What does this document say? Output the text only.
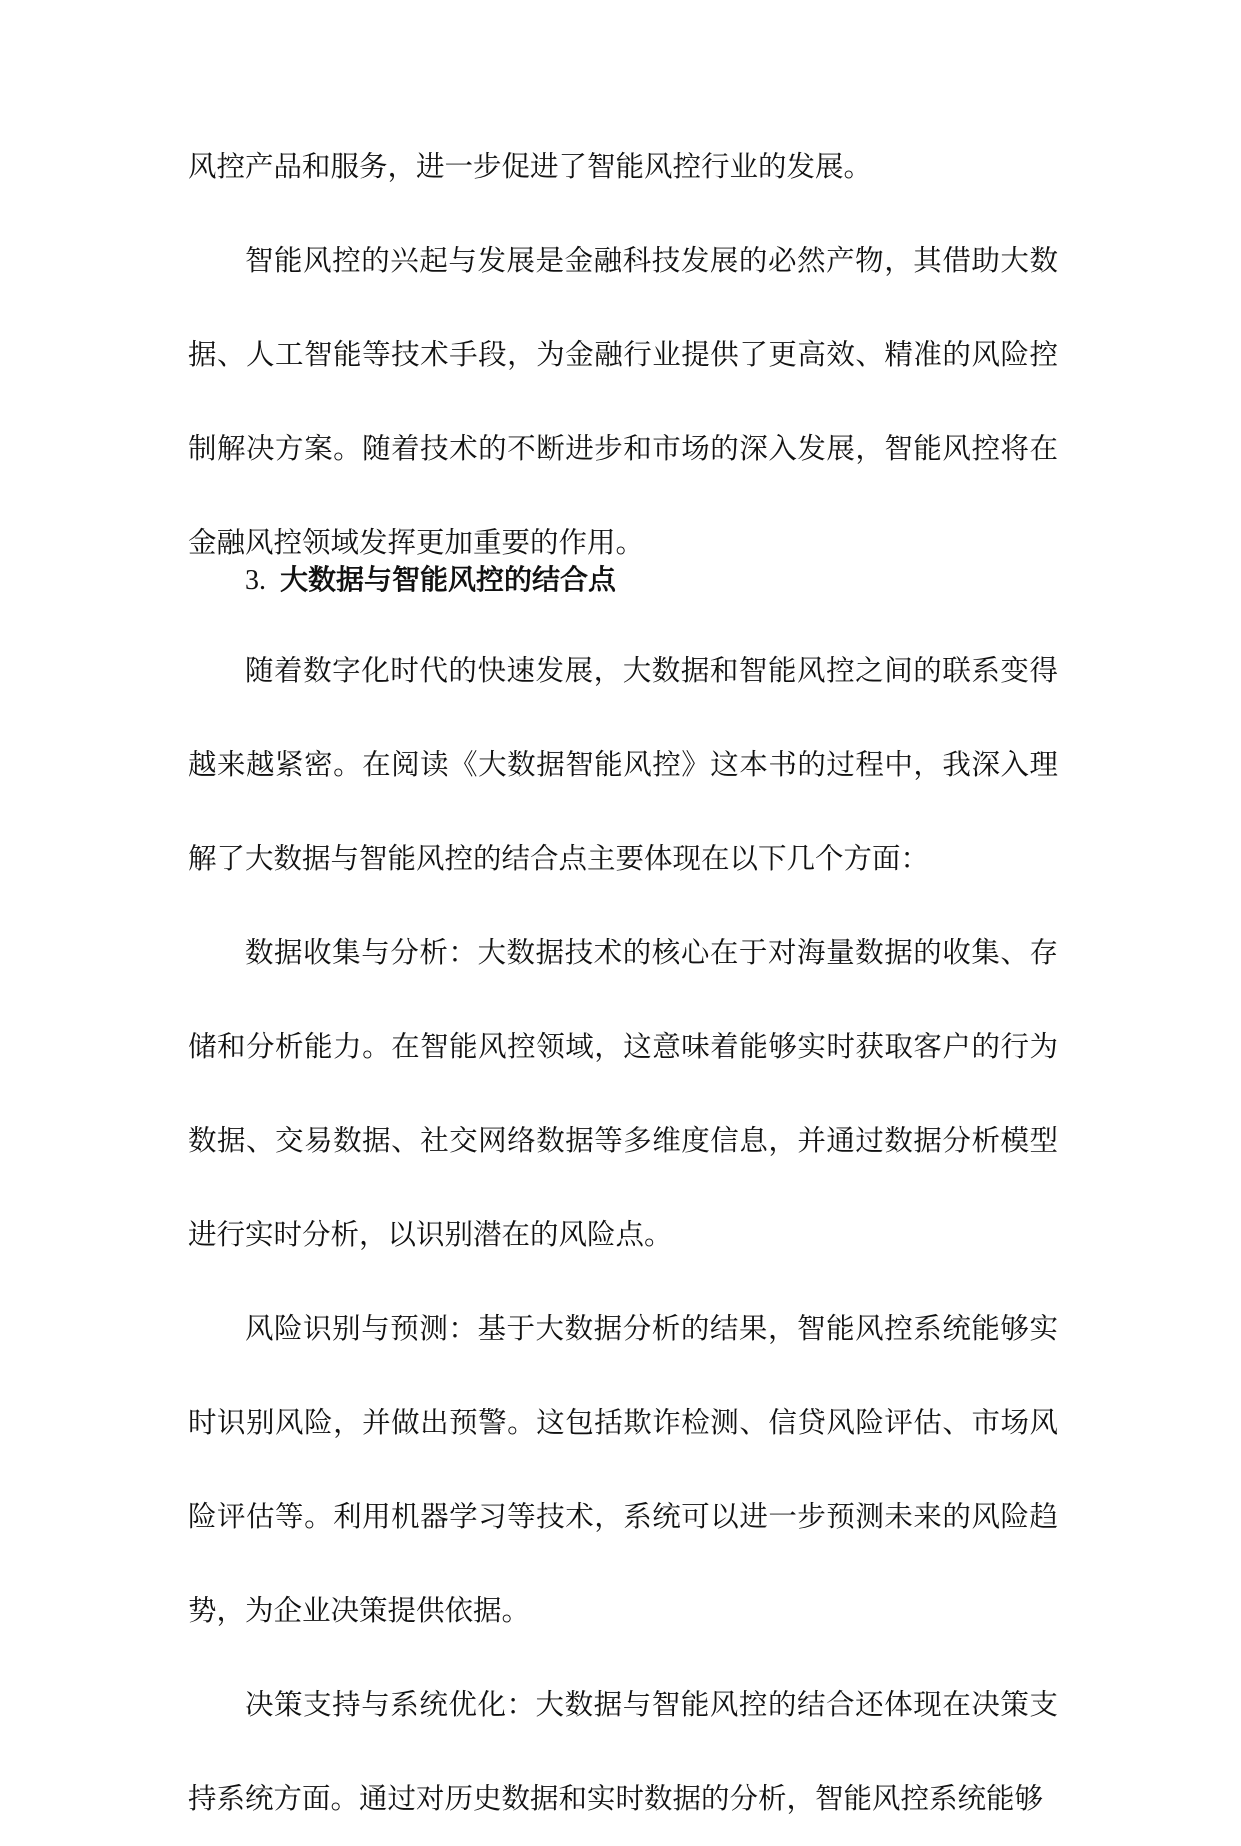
风控产品和服务，进一步促进了智能风控行业的发展。

智能风控的兴起与发展是金融科技发展的必然产物，其借助大数据、人工智能等技术手段，为金融行业提供了更高效、精准的风险控制解决方案。随着技术的不断进步和市场的深入发展，智能风控将在金融风控领域发挥更加重要的作用。

3. 大数据与智能风控的结合点

随着数字化时代的快速发展，大数据和智能风控之间的联系变得越来越紧密。在阅读《大数据智能风控》这本书的过程中，我深入理解了大数据与智能风控的结合点主要体现在以下几个方面：

数据收集与分析：大数据技术的核心在于对海量数据的收集、存储和分析能力。在智能风控领域，这意味着能够实时获取客户的行为数据、交易数据、社交网络数据等多维度信息，并通过数据分析模型进行实时分析，以识别潜在的风险点。

风险识别与预测：基于大数据分析的结果，智能风控系统能够实时识别风险，并做出预警。这包括欺诈检测、信贷风险评估、市场风险评估等。利用机器学习等技术，系统可以进一步预测未来的风险趋势，为企业决策提供依据。

决策支持与系统优化：大数据与智能风控的结合还体现在决策支持系统方面。通过对历史数据和实时数据的分析，智能风控系统能够
